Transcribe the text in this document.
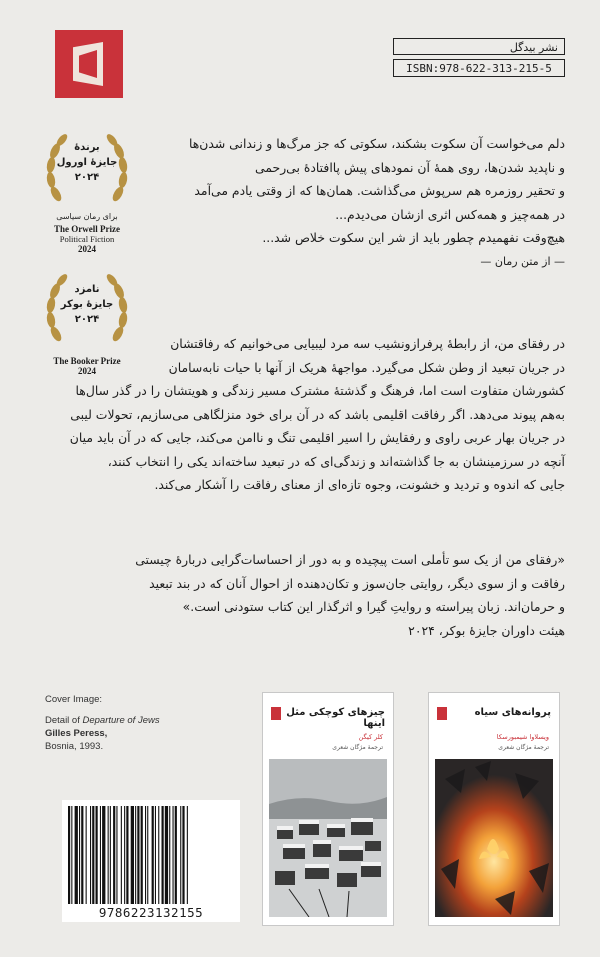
نشر بیدگل
ISBN:978-622-313-215-5
برندهٔ
جایزهٔ اورول
۲۰۲۴
برای رمان سیاسی
The Orwell Prize
Political Fiction
2024
نامزد
جایزهٔ بوکر
۲۰۲۴
The Booker Prize
2024
دلم می‌خواست آن سکوت بشکند، سکوتی که جز مرگ‌ها و زندانی شدن‌ها
و ناپدید شدن‌ها، روی همهٔ آن نمودهای پیش پاافتادهٔ بی‌رحمی
و تحقیر روزمره هم سرپوش می‌گذاشت. همان‌ها که از وقتی یادم می‌آمد
در همه‌چیز و همه‌کس اثری ازشان می‌دیدم...
هیچ‌وقت نفهمیدم چطور باید از شر این سکوت خلاص شد...
— از متن رمان —
در رفقای من، از رابطهٔ پرفرازونشیب سه مرد لیبیایی می‌خوانیم که رفاقتشان
در جریان تبعید از وطن شکل می‌گیرد. مواجههٔ هریک از آنها با حیات نابه‌سامان
کشورشان متفاوت است اما، فرهنگ و گذشتهٔ مشترک مسیر زندگی و هویتشان را در گذر سال‌ها
به‌هم پیوند می‌دهد. اگر رفاقت اقلیمی باشد که در آن برای خود منزلگاهی می‌سازیم، تحولات لیبی
در جریان بهار عربی راوی و رفقایش را اسیر اقلیمی تنگ و ناامن می‌کند، جایی که در آن باید میان
آنچه در سرزمینشان به جا گذاشته‌اند و زندگی‌ای که در تبعید ساخته‌اند یکی را انتخاب کنند،
جایی که اندوه و تردید و خشونت، وجوه تازه‌ای از معنای رفاقت را آشکار می‌کند.
«رفقای من از یک سو تأملی است پیچیده و به دور از احساسات‌گرایی دربارهٔ چیستی
رفاقت و از سوی دیگر، روایتی جان‌سوز و تکان‌دهنده از احوال آنان که در بند تبعید
و حرمان‌اند. زبان پیراسته و روایتِ گیرا و اثرگذار این کتاب ستودنی است.»
هیئت داوران جایزهٔ بوکر، ۲۰۲۴
Cover Image:
Detail of Departure of Jews
Gilles Peress,
Bosnia, 1993.
9786223132155
چیزهای کوچکی مثل اینها
کلر کیگن
ترجمهٔ مژگان شعری
پروانه‌های سیاه
ویسلاوا شیمبورسکا
ترجمهٔ مژگان شعری
